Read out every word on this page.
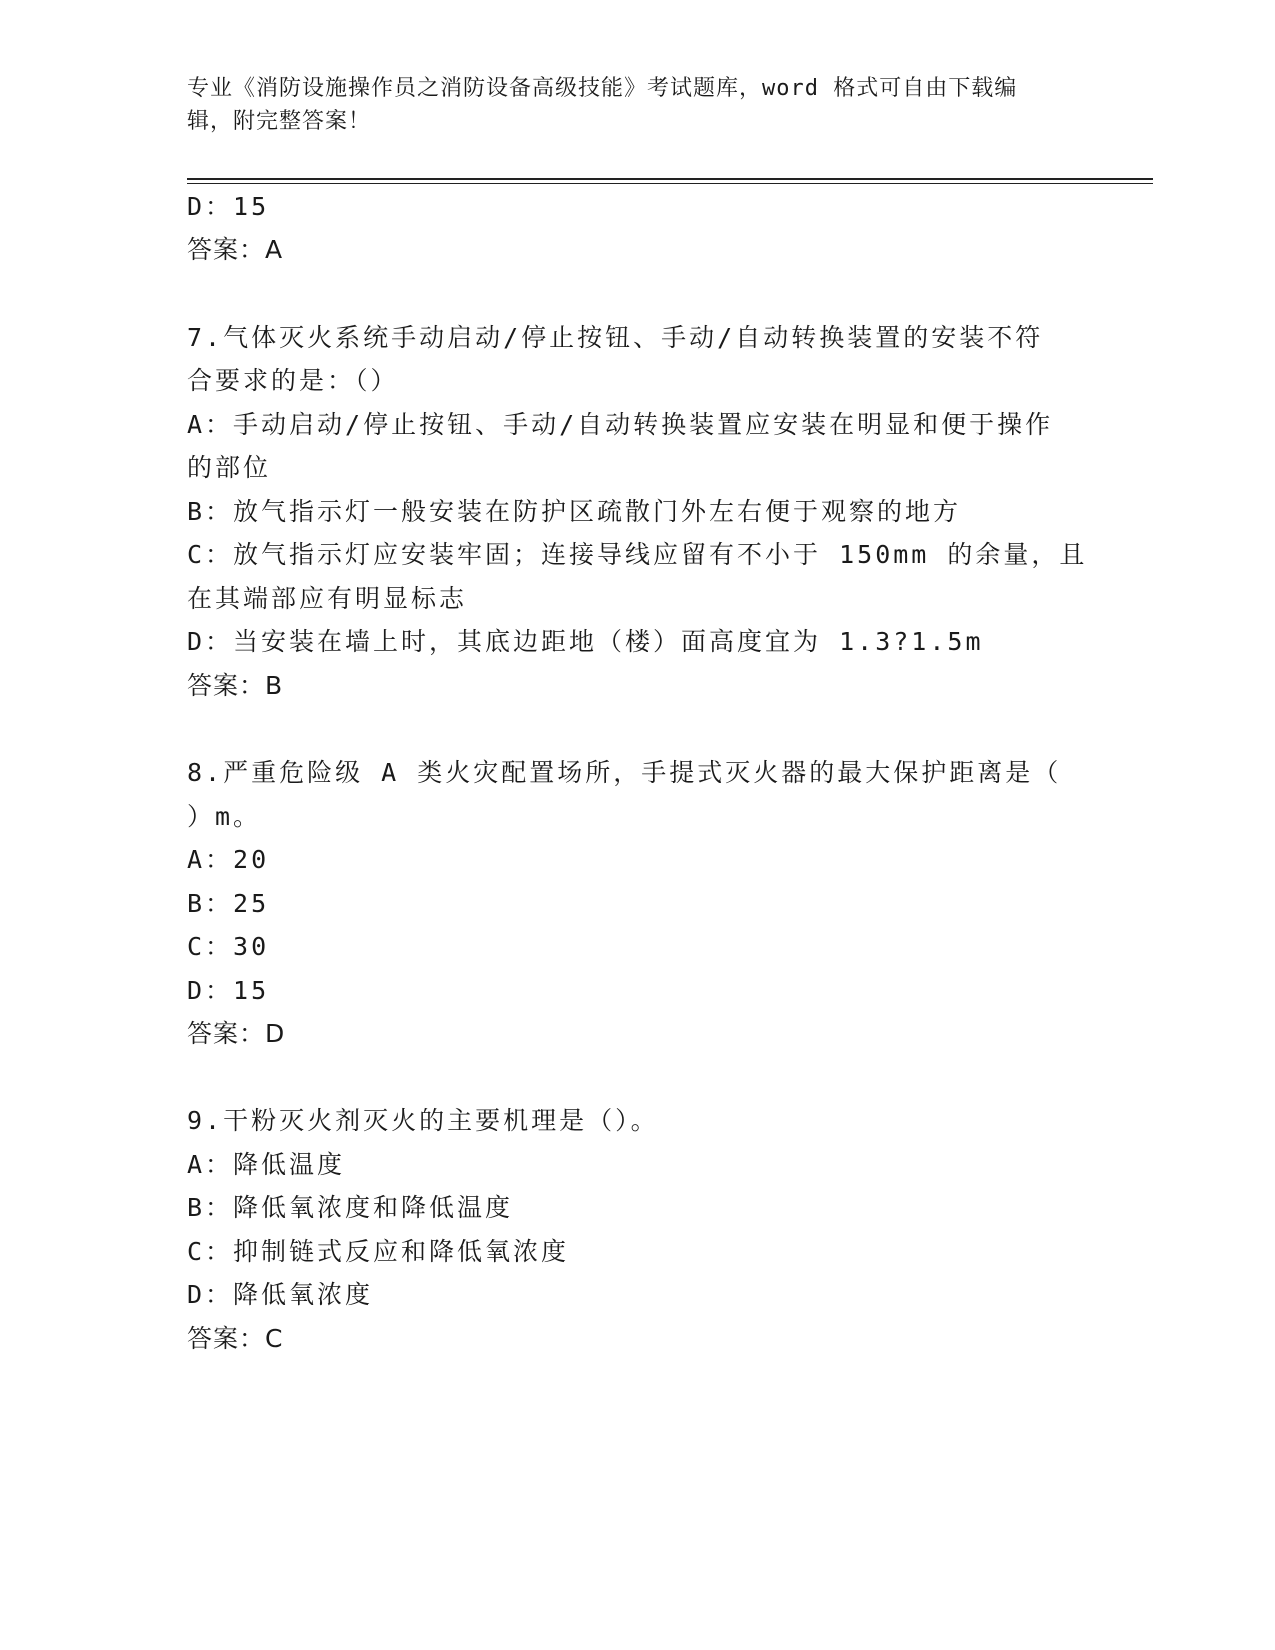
专业《消防设施操作员之消防设备高级技能》考试题库，word 格式可自由下载编
辑，附完整答案！
D：15
答案：A
7.气体灭火系统手动启动/停止按钮、手动/自动转换装置的安装不符
合要求的是：（）
A：手动启动/停止按钮、手动/自动转换装置应安装在明显和便于操作
的部位
B：放气指示灯一般安装在防护区疏散门外左右便于观察的地方
C：放气指示灯应安装牢固；连接导线应留有不小于 150mm 的余量，且
在其端部应有明显标志
D：当安装在墙上时，其底边距地（楼）面高度宜为 1.3?1.5m
答案：B
8.严重危险级 A 类火灾配置场所，手提式灭火器的最大保护距离是（
）m。
A：20
B：25
C：30
D：15
答案：D
9.干粉灭火剂灭火的主要机理是（）。
A：降低温度
B：降低氧浓度和降低温度
C：抑制链式反应和降低氧浓度
D：降低氧浓度
答案：C
